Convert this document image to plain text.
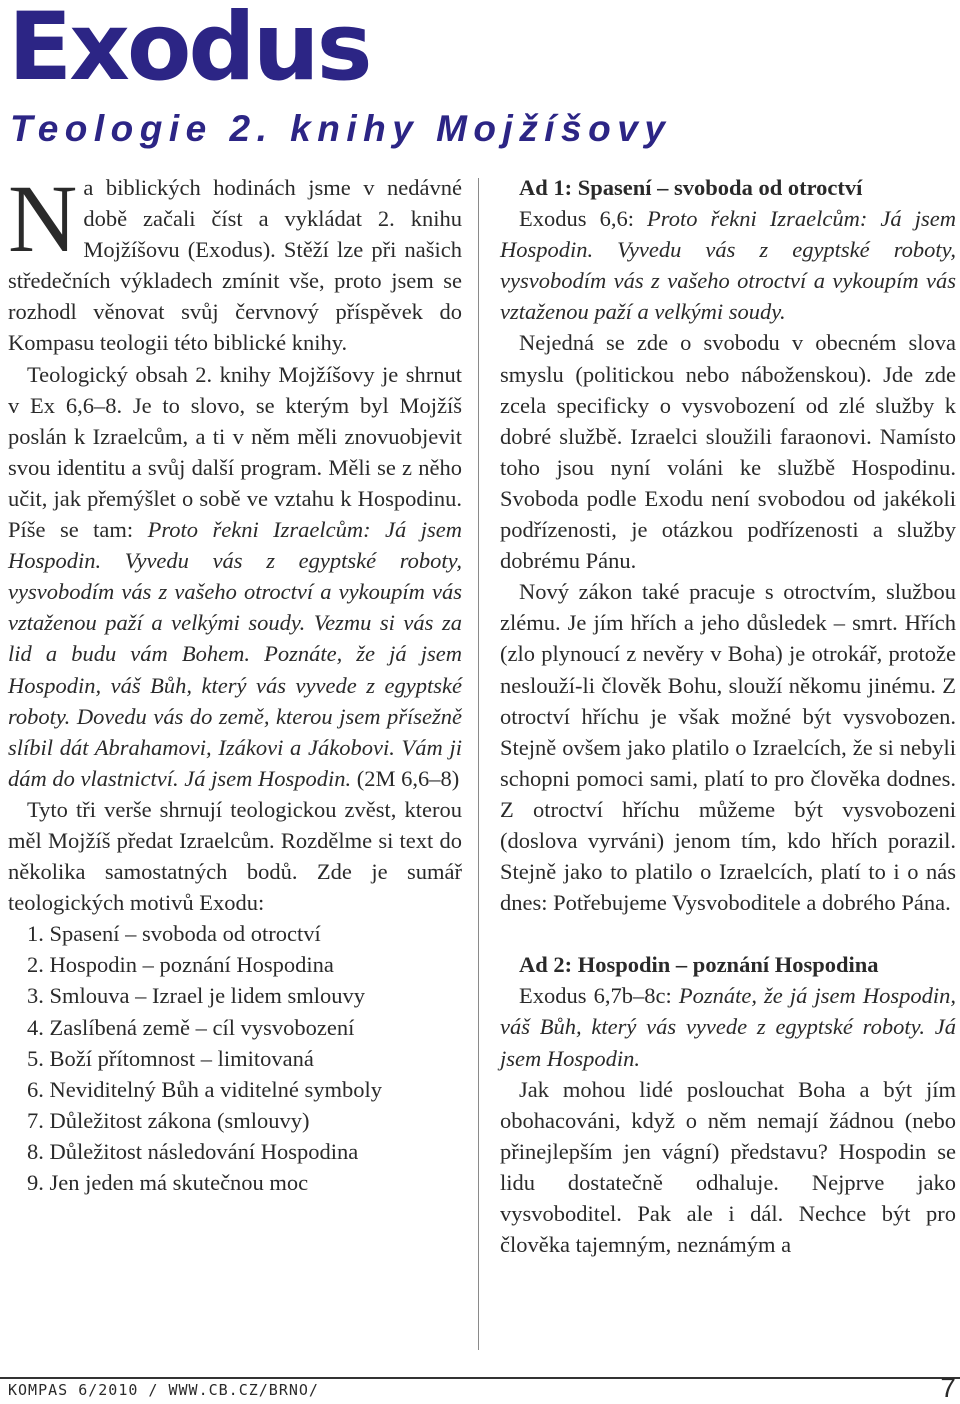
Exodus
Teologie 2. knihy Mojžíšovy

Na biblických hodinách jsme v nedávné době začali číst a vykládat 2. knihu Mojžíšovu (Exodus). Stěží lze při našich středečních výkladech zmínit vše, proto jsem se rozhodl věnovat svůj červnový příspěvek do Kompasu teologii této biblické knihy.

Teologický obsah 2. knihy Mojžíšovy je shrnut v Ex 6,6–8. Je to slovo, se kterým byl Mojžíš poslán k Izraelcům, a ti v něm měli znovuobjevit svou identitu a svůj další program. Měli se z něho učit, jak přemýšlet o sobě ve vztahu k Hospodinu. Píše se tam: Proto řekni Izraelcům: Já jsem Hospodin. Vyvedu vás z egyptské roboty, vysvobodím vás z vašeho otroctví a vykoupím vás vztaženou paží a velkými soudy. Vezmu si vás za lid a budu vám Bohem. Poznáte, že já jsem Hospodin, váš Bůh, který vás vyvede z egyptské roboty. Dovedu vás do země, kterou jsem přísežně slíbil dát Abrahamovi, Izákovi a Jákobovi. Vám ji dám do vlastnictví. Já jsem Hospodin. (2M 6,6–8)

Tyto tři verše shrnují teologickou zvěst, kterou měl Mojžíš předat Izraelcům. Rozdělme si text do několika samostatných bodů. Zde je sumář teologických motivů Exodu:

1. Spasení – svoboda od otroctví
2. Hospodin – poznání Hospodina
3. Smlouva – Izrael je lidem smlouvy
4. Zaslíbená země – cíl vysvobození
5. Boží přítomnost – limitovaná
6. Neviditelný Bůh a viditelné symboly
7. Důležitost zákona (smlouvy)
8. Důležitost následování Hospodina
9. Jen jeden má skutečnou moc

Ad 1: Spasení – svoboda od otroctví

Exodus 6,6: Proto řekni Izraelcům: Já jsem Hospodin. Vyvedu vás z egyptské roboty, vysvobodím vás z vašeho otroctví a vykoupím vás vztaženou paží a velkými soudy.

Nejedná se zde o svobodu v obecném slova smyslu (politickou nebo náboženskou). Jde zde zcela specificky o vysvobození od zlé služby k dobré službě. Izraelci sloužili faraonovi. Namísto toho jsou nyní voláni ke službě Hospodinu. Svoboda podle Exodu není svobodou od jakékoli podřízenosti, je otázkou podřízenosti a služby dobrému Pánu.

Nový zákon také pracuje s otroctvím, službou zlému. Je jím hřích a jeho důsledek – smrt. Hřích (zlo plynoucí z nevěry v Boha) je otrokář, protože neslouží-li člověk Bohu, slouží někomu jinému. Z otroctví hříchu je však možné být vysvobozen. Stejně ovšem jako platilo o Izraelcích, že si nebyli schopni pomoci sami, platí to pro člověka dodnes. Z otroctví hříchu můžeme být vysvobozeni (doslova vyrváni) jenom tím, kdo hřích porazil. Stejně jako to platilo o Izraelcích, platí to i o nás dnes: Potřebujeme Vysvoboditele a dobrého Pána.

Ad 2: Hospodin – poznání Hospodina

Exodus 6,7b–8c: Poznáte, že já jsem Hospodin, váš Bůh, který vás vyvede z egyptské roboty. Já jsem Hospodin.

Jak mohou lidé poslouchat Boha a být jím obohacováni, když o něm nemají žádnou (nebo přinejlepším jen vágní) představu? Hospodin se lidu dostatečně odhaluje. Nejprve jako vysvoboditel. Pak ale i dál. Nechce být pro člověka tajemným, neznámým a

KOMPAS 6/2010 / WWW.CB.CZ/BRNO/	7
